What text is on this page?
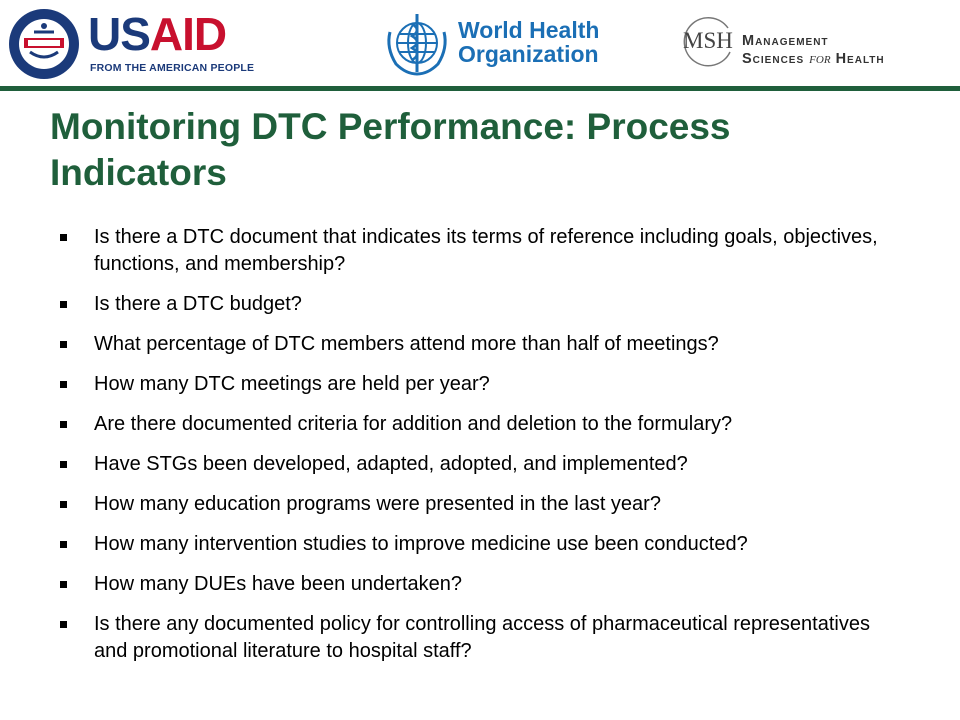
USAID
FROM THE AMERICAN PEOPLE
World Health
Organization
MSH Management
Sciences for Health
Monitoring DTC Performance: Process Indicators
Is there a DTC document that indicates its terms of reference including goals, objectives, functions, and membership?
Is there a DTC budget?
What percentage of DTC members attend more than half of meetings?
How many DTC meetings are held per year?
Are there documented criteria for addition and deletion to the formulary?
Have STGs been developed, adapted, adopted, and implemented?
How many education programs were presented in the last year?
How many intervention studies to improve medicine use been conducted?
How many DUEs have been undertaken?
Is there any documented policy for controlling access of pharmaceutical representatives and promotional literature to hospital staff?
